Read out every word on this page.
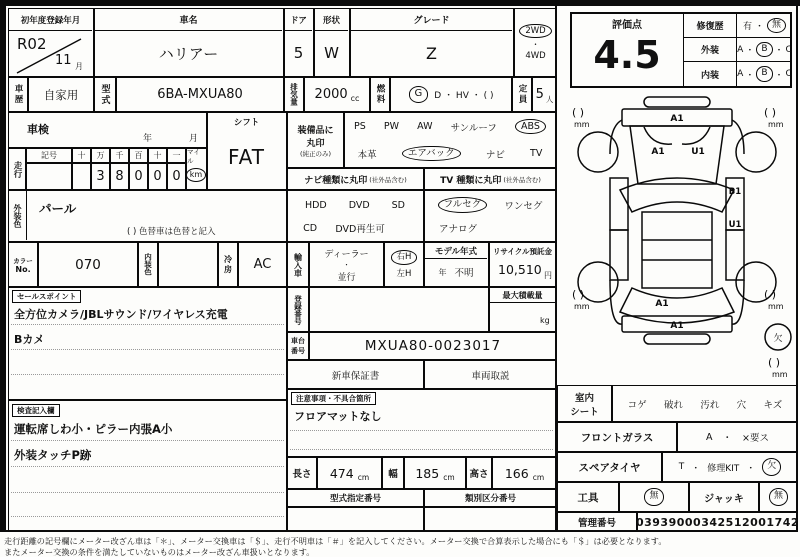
初年度登録年月
R02
11 月
車名
ハリアー
ドア
5
形状
W
グレード
Z
2WD
・
4WD
車歴	自家用	型式	6BA-MXUA80	排気量	2000 cc	燃料	G	D ・ HV ・ ( )	定員 5 人
車検
年	月
シフト
FAT
走行
記号	十	万	千	百	十	一
3 8 0 0 0
マイル
km
外装色	パール
( ) 色替車は色替と記入
装備品に
丸印
(純正のみ)
PS PW AW サンルーフ	ABS
本革	エアバック	ナビ	TV
ナビ種類に丸印 (社外品含む)	TV 種類に丸印 (社外品含む)
HDD DVD SD
CD DVD再生可
フルセグ	ワンセグ
アナログ
カラー
No.	070	内装色	冷房	AC
セールスポイント
全方位カメラ/JBLサウンド/ワイヤレス充電
Bカメ
検査記入欄
運転席しわ小・ピラー内張A小
外装タッチP跡
輸入車	ディーラー
・
並行
右H
左H
モデル年式
年 不明
リサイクル預託金
10,510 円
登録番号	最大積載量
kg
車台
番号	MXUA80-0023017
新車保証書	車両取説
注意事項・不具合箇所
フロアマットなし
長さ	474 cm	幅	185 cm	高さ 166 cm
型式指定番号	類別区分番号
評価点
4.5
修復歴	有 ・ 無
外装	A ・ B ・ C
内装	A ・ B ・ C
A1
A1	U1
B1
U1
A1
A1
欠
( )
mm
( )
mm
( )
mm
( )
mm
( )
mm
室内
シート
コゲ 破れ 汚れ 穴 キズ
フロントガラス	A ・ ×要ス
スペアタイヤ	T ・ 修理KIT ・	欠
工具	無	ジャッキ	無
管理番号	03939000342512001742
走行距離の記号欄にメーター改ざん車は「＊」、メーター交換車は「＄」、走行不明車は「＃」を記入してください。メーター交換で合算表示した場合にも「＄」は必要となります。
またメーター交換の条件を満たしていないものはメーター改ざん車扱いとなります。
